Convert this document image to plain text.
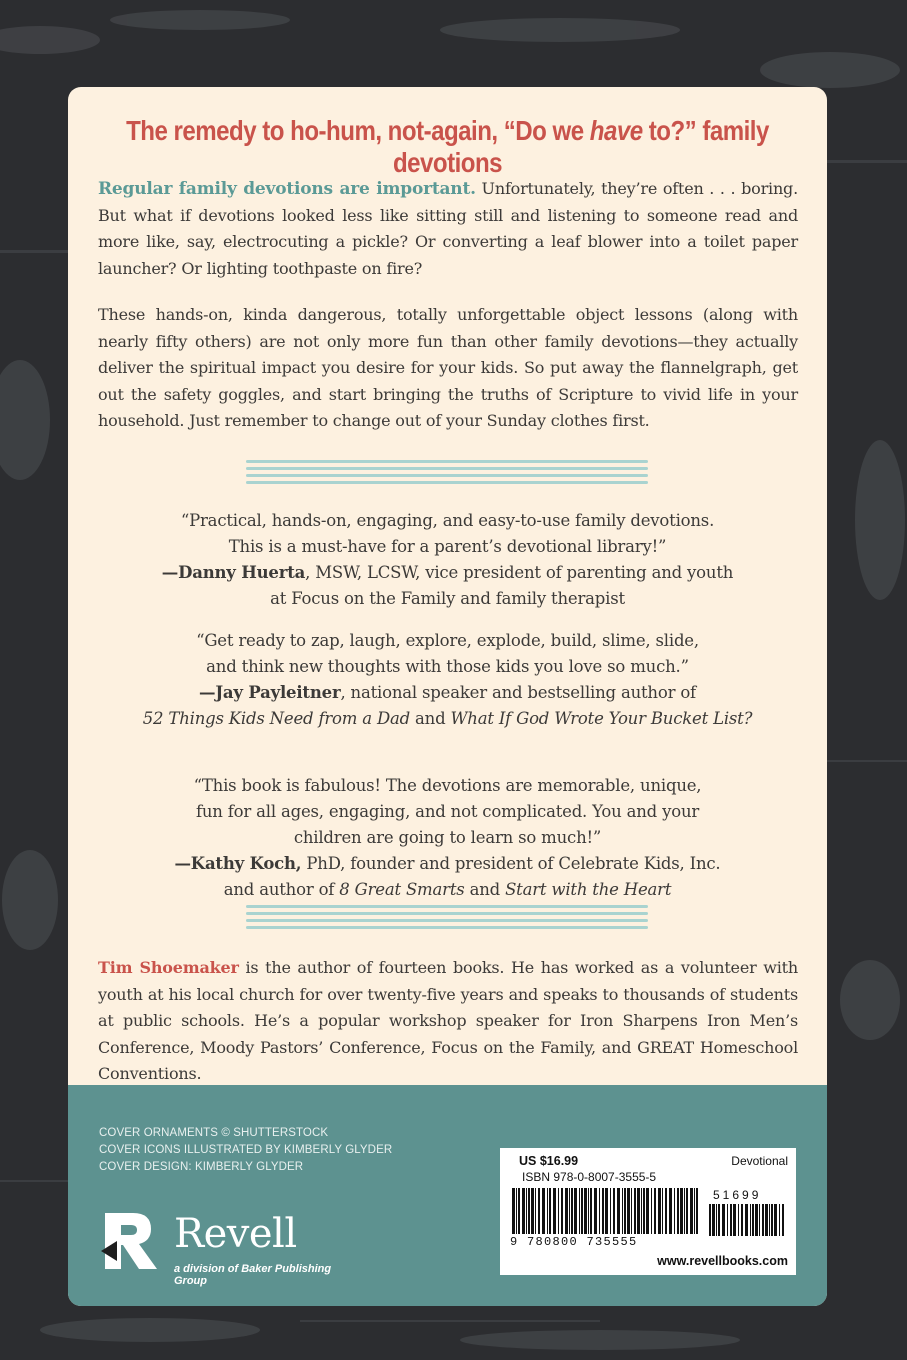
The remedy to ho-hum, not-again, “Do we have to?” family devotions
Regular family devotions are important. Unfortunately, they’re often . . . boring. But what if devotions looked less like sitting still and listening to someone read and more like, say, electrocuting a pickle? Or converting a leaf blower into a toilet paper launcher? Or lighting toothpaste on fire?
These hands-on, kinda dangerous, totally unforgettable object lessons (along with nearly fifty others) are not only more fun than other family devotions—they actually deliver the spiritual impact you desire for your kids. So put away the flannelgraph, get out the safety goggles, and start bringing the truths of Scripture to vivid life in your household. Just remember to change out of your Sunday clothes first.
“Practical, hands-on, engaging, and easy-to-use family devotions.
This is a must-have for a parent’s devotional library!”
—Danny Huerta, MSW, LCSW, vice president of parenting and youth
at Focus on the Family and family therapist
“Get ready to zap, laugh, explore, explode, build, slime, slide,
and think new thoughts with those kids you love so much.”
—Jay Payleitner, national speaker and bestselling author of
52 Things Kids Need from a Dad and What If God Wrote Your Bucket List?
“This book is fabulous! The devotions are memorable, unique,
fun for all ages, engaging, and not complicated. You and your
children are going to learn so much!”
—Kathy Koch, PhD, founder and president of Celebrate Kids, Inc.
and author of 8 Great Smarts and Start with the Heart
Tim Shoemaker is the author of fourteen books. He has worked as a volunteer with youth at his local church for over twenty-five years and speaks to thousands of students at public schools. He’s a popular workshop speaker for Iron Sharpens Iron Men’s Conference, Moody Pastors’ Conference, Focus on the Family, and GREAT Homeschool Conventions.
COVER ORNAMENTS © SHUTTERSTOCK
COVER ICONS ILLUSTRATED BY KIMBERLY GLYDER
COVER DESIGN: KIMBERLY GLYDER
Revell
a division of Baker Publishing Group
US $16.99	Devotional
ISBN 978-0-8007-3555-5
51699
9 780800 735555
www.revellbooks.com
